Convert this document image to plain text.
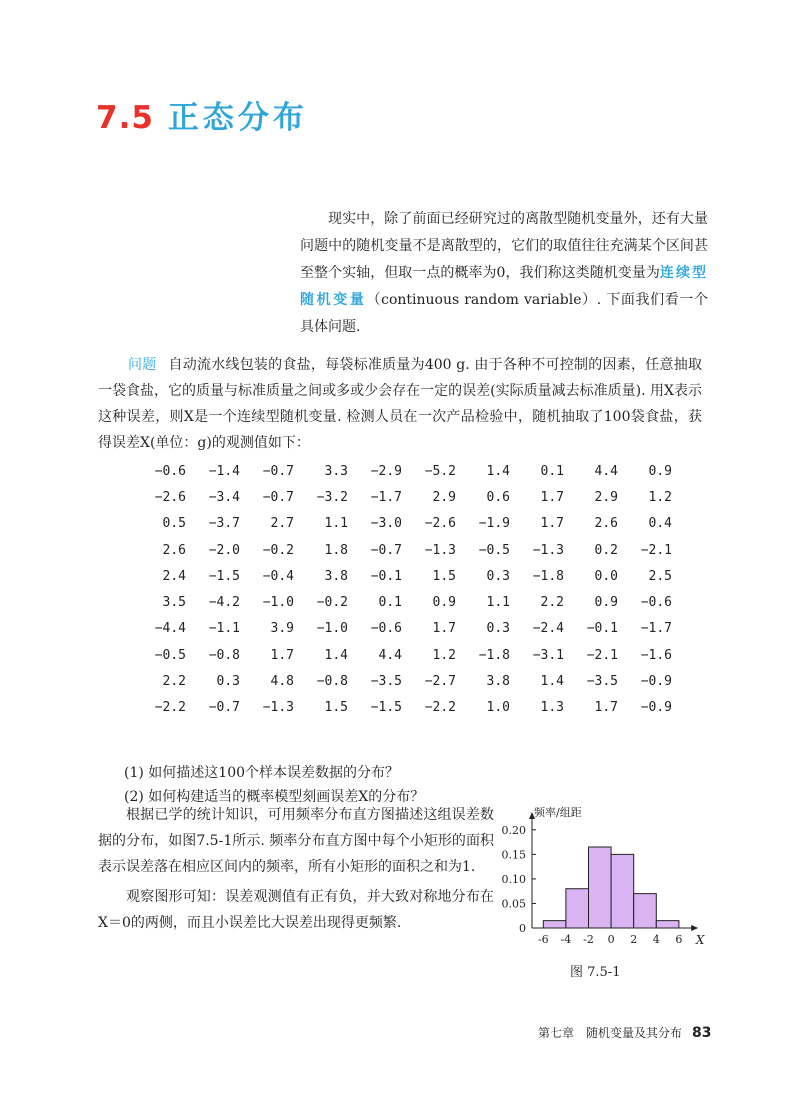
7.5 正态分布
现实中，除了前面已经研究过的离散型随机变量外，还有大量问题中的随机变量不是离散型的，它们的取值往往充满某个区间甚至整个实轴，但取一点的概率为0，我们称这类随机变量为连续型随机变量（continuous random variable）. 下面我们看一个具体问题.
问题 自动流水线包装的食盐，每袋标准质量为400 g. 由于各种不可控制的因素，任意抽取一袋食盐，它的质量与标准质量之间或多或少会存在一定的误差(实际质量减去标准质量). 用X表示这种误差，则X是一个连续型随机变量. 检测人员在一次产品检验中，随机抽取了100袋食盐，获得误差X(单位：g)的观测值如下：
−0.6	−1.4	−0.7	3.3	−2.9	−5.2	1.4	0.1	4.4	0.9
−2.6	−3.4	−0.7	−3.2	−1.7	2.9	0.6	1.7	2.9	1.2
0.5	−3.7	2.7	1.1	−3.0	−2.6	−1.9	1.7	2.6	0.4
2.6	−2.0	−0.2	1.8	−0.7	−1.3	−0.5	−1.3	0.2	−2.1
2.4	−1.5	−0.4	3.8	−0.1	1.5	0.3	−1.8	0.0	2.5
3.5	−4.2	−1.0	−0.2	0.1	0.9	1.1	2.2	0.9	−0.6
−4.4	−1.1	3.9	−1.0	−0.6	1.7	0.3	−2.4	−0.1	−1.7
−0.5	−0.8	1.7	1.4	4.4	1.2	−1.8	−3.1	−2.1	−1.6
2.2	0.3	4.8	−0.8	−3.5	−2.7	3.8	1.4	−3.5	−0.9
−2.2	−0.7	−1.3	1.5	−1.5	−2.2	1.0	1.3	1.7	−0.9
(1) 如何描述这100个样本误差数据的分布？
(2) 如何构建适当的概率模型刻画误差X的分布？

根据已学的统计知识，可用频率分布直方图描述这组误差数据的分布，如图7.5-1所示. 频率分布直方图中每个小矩形的面积表示误差落在相应区间内的频率，所有小矩形的面积之和为1.

观察图形可知：误差观测值有正有负，并大致对称地分布在X＝0的两侧，而且小误差比大误差出现得更频繁.	0
0.05
0.10
0.15
0.20
-6 -4 -2 0 2 4 6 X
频率/组距
图 7.5-1
第七章　随机变量及其分布 83
